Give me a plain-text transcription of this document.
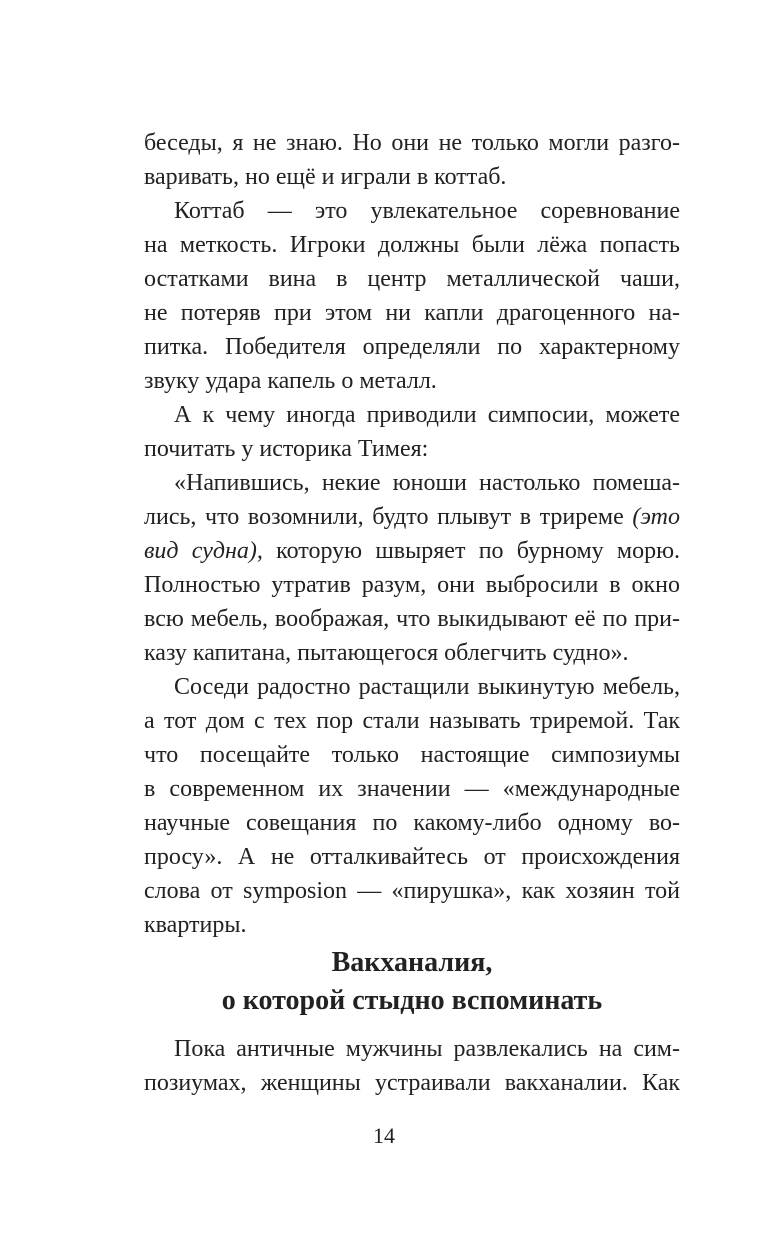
беседы, я не знаю. Но они не только могли разго-
варивать, но ещё и играли в коттаб.
Коттаб — это увлекательное соревнование
на меткость. Игроки должны были лёжа попасть
остатками вина в центр металлической чаши,
не потеряв при этом ни капли драгоценного на-
питка. Победителя определяли по характерному
звуку удара капель о металл.
А к чему иногда приводили симпосии, можете
почитать у историка Тимея:
«Напившись, некие юноши настолько помеша-
лись, что возомнили, будто плывут в триреме (это
вид судна), которую швыряет по бурному морю.
Полностью утратив разум, они выбросили в окно
всю мебель, воображая, что выкидывают её по при-
казу капитана, пытающегося облегчить судно».
Соседи радостно растащили выкинутую мебель,
а тот дом с тех пор стали называть триремой. Так
что посещайте только настоящие симпозиумы
в современном их значении — «международные
научные совещания по какому-либо одному во-
просу». А не отталкивайтесь от происхождения
слова от symposion — «пирушка», как хозяин той
квартиры.
Вакханалия,
о которой стыдно вспоминать
Пока античные мужчины развлекались на сим-
позиумах, женщины устраивали вакханалии. Как
14
